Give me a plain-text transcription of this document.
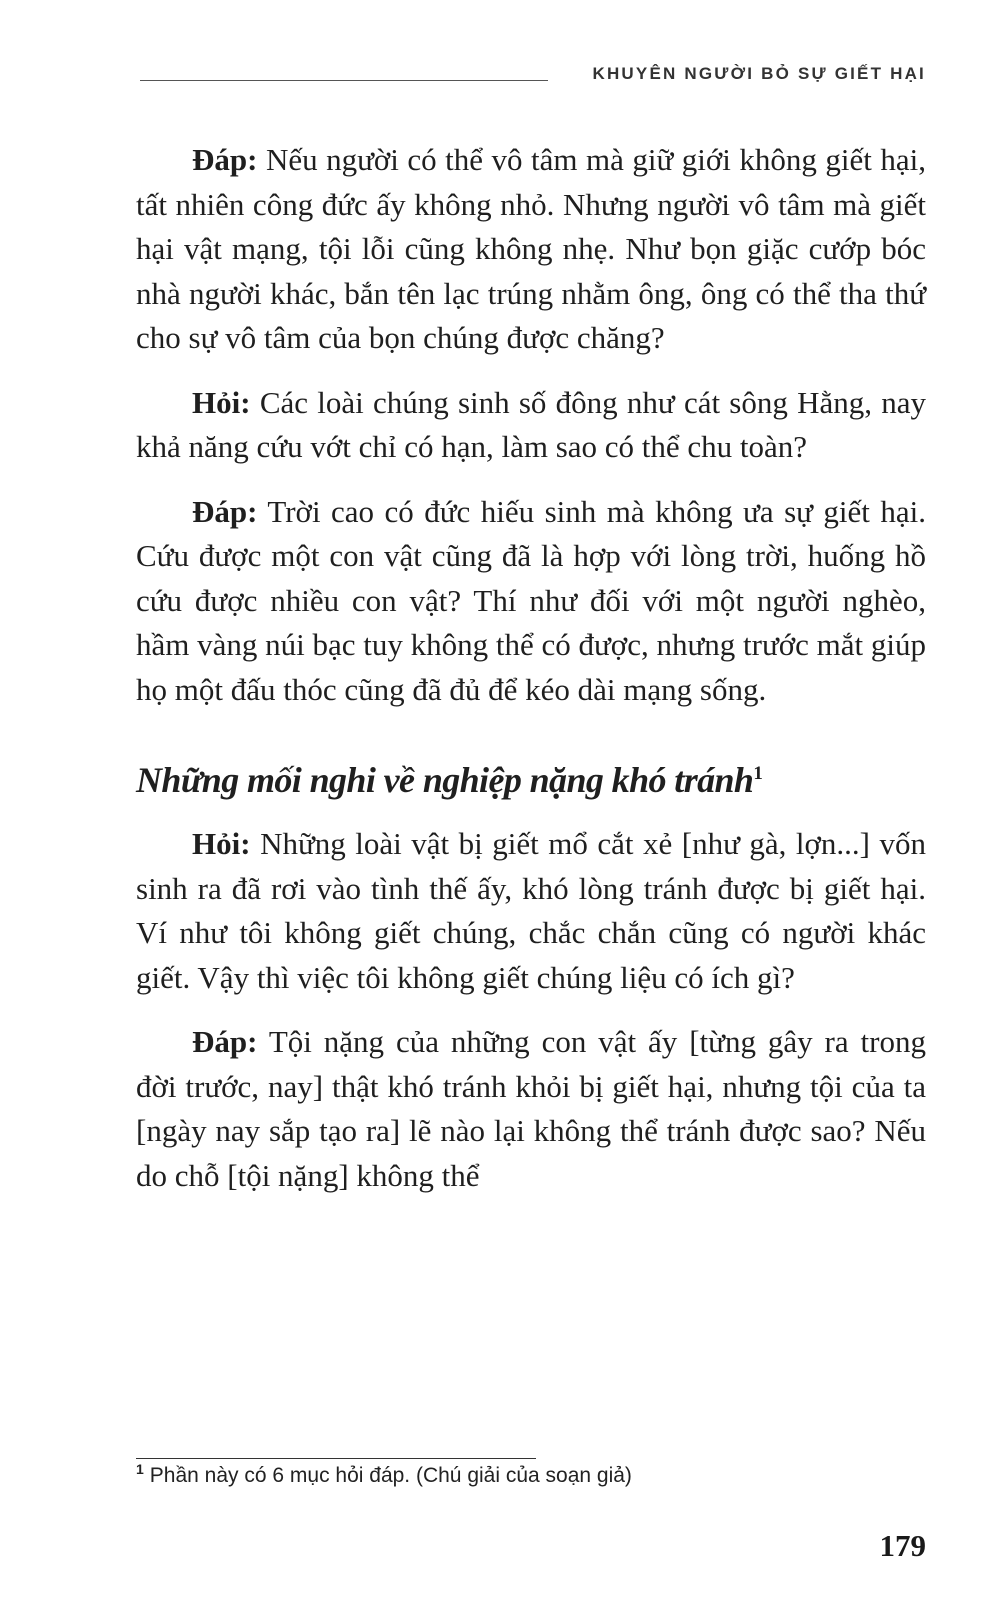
KHUYÊN NGƯỜI BỎ SỰ GIẾT HẠI

Đáp: Nếu người có thể vô tâm mà giữ giới không giết hại, tất nhiên công đức ấy không nhỏ. Nhưng người vô tâm mà giết hại vật mạng, tội lỗi cũng không nhẹ. Như bọn giặc cướp bóc nhà người khác, bắn tên lạc trúng nhằm ông, ông có thể tha thứ cho sự vô tâm của bọn chúng được chăng?

Hỏi: Các loài chúng sinh số đông như cát sông Hằng, nay khả năng cứu vớt chỉ có hạn, làm sao có thể chu toàn?

Đáp: Trời cao có đức hiếu sinh mà không ưa sự giết hại. Cứu được một con vật cũng đã là hợp với lòng trời, huống hồ cứu được nhiều con vật? Thí như đối với một người nghèo, hầm vàng núi bạc tuy không thể có được, nhưng trước mắt giúp họ một đấu thóc cũng đã đủ để kéo dài mạng sống.

Những mối nghi về nghiệp nặng khó tránh$^1$

Hỏi: Những loài vật bị giết mổ cắt xẻ [như gà, lợn...] vốn sinh ra đã rơi vào tình thế ấy, khó lòng tránh được bị giết hại. Ví như tôi không giết chúng, chắc chắn cũng có người khác giết. Vậy thì việc tôi không giết chúng liệu có ích gì?

Đáp: Tội nặng của những con vật ấy [từng gây ra trong đời trước, nay] thật khó tránh khỏi bị giết hại, nhưng tội của ta [ngày nay sắp tạo ra] lẽ nào lại không thể tránh được sao? Nếu do chỗ [tội nặng] không thể

$^1$ Phần này có 6 mục hỏi đáp. (Chú giải của soạn giả)
179
